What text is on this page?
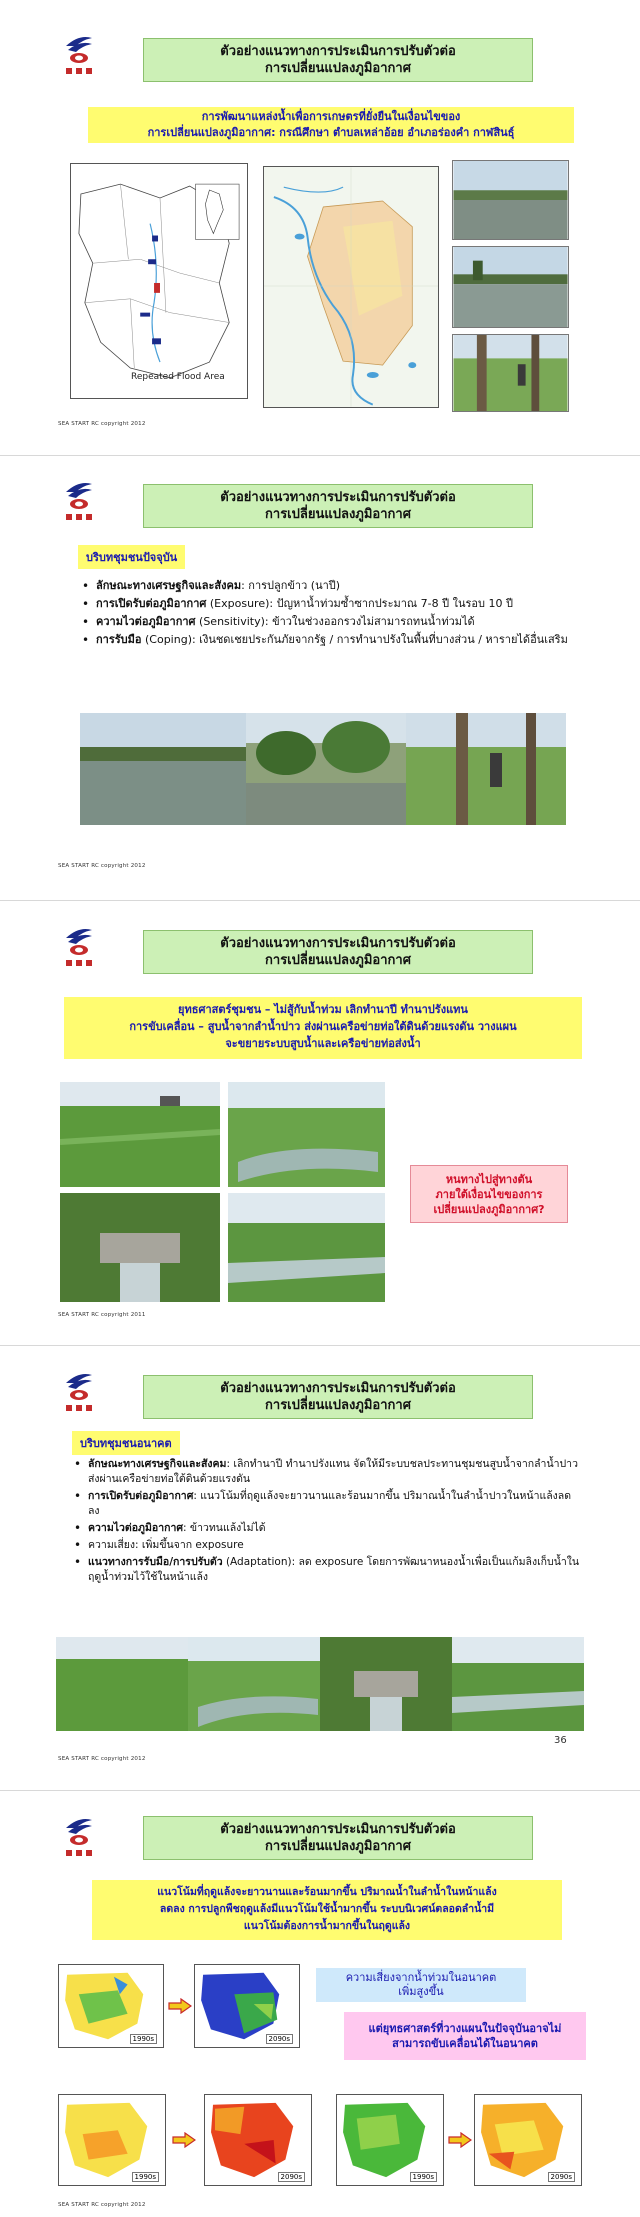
ตัวอย่างแนวทางการประเมินการปรับตัวต่อ
การเปลี่ยนแปลงภูมิอากาศ
การพัฒนาแหล่งน้ำเพื่อการเกษตรที่ยั่งยืนในเงื่อนไขของ
การเปลี่ยนแปลงภูมิอากาศ: กรณีศึกษา ตำบลเหล่าอ้อย อำเภอร่องคำ กาฬสินธุ์
Repeated Flood Area
SEA START RC copyright 2012
ตัวอย่างแนวทางการประเมินการปรับตัวต่อ
การเปลี่ยนแปลงภูมิอากาศ
บริบทชุมชนปัจจุบัน
• ลักษณะทางเศรษฐกิจและสังคม: การปลูกข้าว (นาปี)
• การเปิดรับต่อภูมิอากาศ (Exposure): ปัญหาน้ำท่วมซ้ำซากประมาณ 7-8 ปี ในรอบ 10 ปี
• ความไวต่อภูมิอากาศ (Sensitivity): ข้าวในช่วงออกรวงไม่สามารถทนน้ำท่วมได้
• การรับมือ (Coping): เงินชดเชยประกันภัยจากรัฐ / การทำนาปรังในพื้นที่บางส่วน / หารายได้อื่นเสริม
SEA START RC copyright 2012
ตัวอย่างแนวทางการประเมินการปรับตัวต่อ
การเปลี่ยนแปลงภูมิอากาศ
ยุทธศาสตร์ชุมชน – ไม่สู้กับน้ำท่วม เลิกทำนาปี ทำนาปรังแทน
การขับเคลื่อน – สูบน้ำจากลำน้ำปาว ส่งผ่านเครือข่ายท่อใต้ดินด้วยแรงดัน วางแผน
จะขยายระบบสูบน้ำและเครือข่ายท่อส่งน้ำ
หนทางไปสู่ทางตัน
ภายใต้เงื่อนไขของการ
เปลี่ยนแปลงภูมิอากาศ?
SEA START RC copyright 2011
ตัวอย่างแนวทางการประเมินการปรับตัวต่อ
การเปลี่ยนแปลงภูมิอากาศ
บริบทชุมชนอนาคต
• ลักษณะทางเศรษฐกิจและสังคม: เลิกทำนาปี ทำนาปรังแทน จัดให้มีระบบชลประทานชุมชนสูบน้ำจากลำน้ำปาว ส่งผ่านเครือข่ายท่อใต้ดินด้วยแรงดัน
• การเปิดรับต่อภูมิอากาศ: แนวโน้มที่ฤดูแล้งจะยาวนานและร้อนมากขึ้น ปริมาณน้ำในลำน้ำปาวในหน้าแล้งลดลง
• ความไวต่อภูมิอากาศ: ข้าวทนแล้งไม่ได้
• ความเสี่ยง: เพิ่มขึ้นจาก exposure
• แนวทางการรับมือ/การปรับตัว (Adaptation): ลด exposure โดยการพัฒนาหนองน้ำเพื่อเป็นแก้มลิงเก็บน้ำในฤดูน้ำท่วมไว้ใช้ในหน้าแล้ง
36
SEA START RC copyright 2012
ตัวอย่างแนวทางการประเมินการปรับตัวต่อ
การเปลี่ยนแปลงภูมิอากาศ
แนวโน้มที่ฤดูแล้งจะยาวนานและร้อนมากขึ้น ปริมาณน้ำในลำน้ำในหน้าแล้ง
ลดลง การปลูกพืชฤดูแล้งมีแนวโน้มใช้น้ำมากขึ้น ระบบนิเวศน์ตลอดลำน้ำมี
แนวโน้มต้องการน้ำมากขึ้นในฤดูแล้ง
1990s	2090s
ความเสี่ยงจากน้ำท่วมในอนาคต
เพิ่มสูงขึ้น
แต่ยุทธศาสตร์ที่วางแผนในปัจจุบันอาจไม่
สามารถขับเคลื่อนได้ในอนาคต
1990s	2090s	1990s	2090s
SEA START RC copyright 2012
